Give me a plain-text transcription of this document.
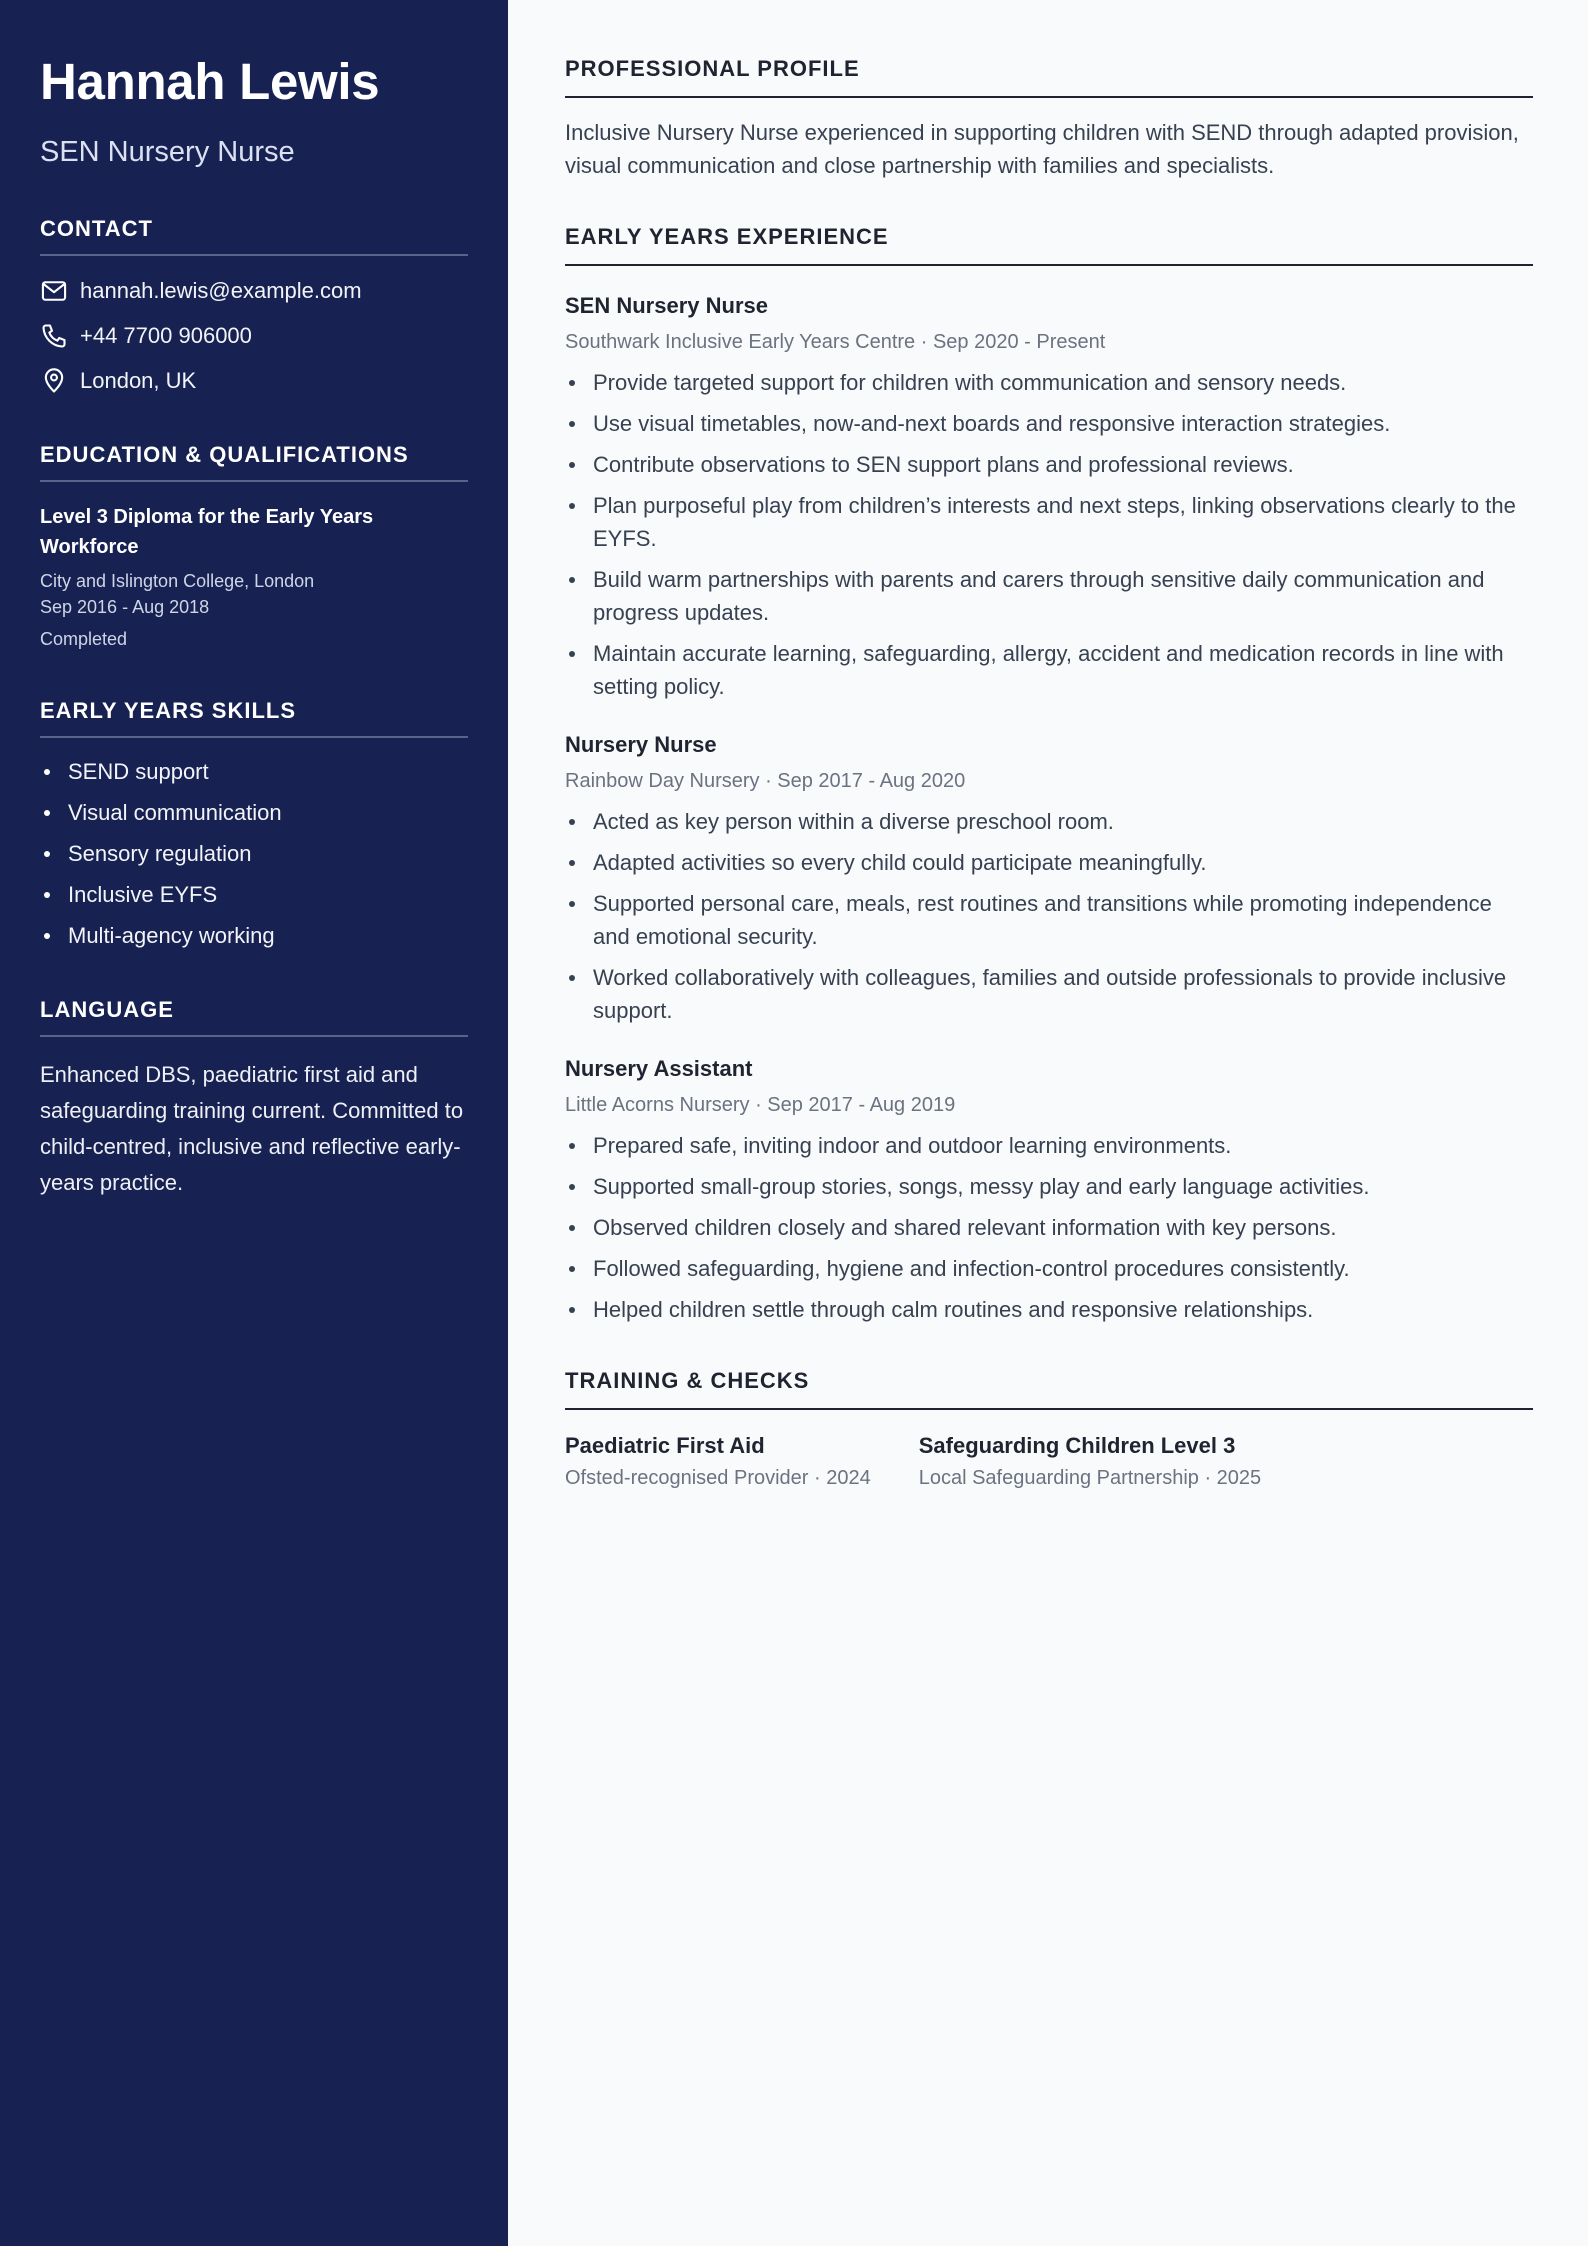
Hannah Lewis
SEN Nursery Nurse
CONTACT
hannah.lewis@example.com
+44 7700 906000
London, UK
EDUCATION & QUALIFICATIONS
Level 3 Diploma for the Early Years Workforce
City and Islington College, London
Sep 2016 - Aug 2018
Completed
EARLY YEARS SKILLS
SEND support
Visual communication
Sensory regulation
Inclusive EYFS
Multi-agency working
LANGUAGE

Enhanced DBS, paediatric first aid and safeguarding training current. Committed to child-centred, inclusive and reflective early-years practice.

PROFESSIONAL PROFILE

Inclusive Nursery Nurse experienced in supporting children with SEND through adapted provision, visual communication and close partnership with families and specialists.

EARLY YEARS EXPERIENCE
SEN Nursery Nurse
Southwark Inclusive Early Years Centre · Sep 2020 - Present
Provide targeted support for children with communication and sensory needs.
Use visual timetables, now-and-next boards and responsive interaction strategies.
Contribute observations to SEN support plans and professional reviews.
Plan purposeful play from children’s interests and next steps, linking observations clearly to the EYFS.
Build warm partnerships with parents and carers through sensitive daily communication and progress updates.
Maintain accurate learning, safeguarding, allergy, accident and medication records in line with setting policy.
Nursery Nurse
Rainbow Day Nursery · Sep 2017 - Aug 2020
Acted as key person within a diverse preschool room.
Adapted activities so every child could participate meaningfully.
Supported personal care, meals, rest routines and transitions while promoting independence and emotional security.
Worked collaboratively with colleagues, families and outside professionals to provide inclusive support.
Nursery Assistant
Little Acorns Nursery · Sep 2017 - Aug 2019
Prepared safe, inviting indoor and outdoor learning environments.
Supported small-group stories, songs, messy play and early language activities.
Observed children closely and shared relevant information with key persons.
Followed safeguarding, hygiene and infection-control procedures consistently.
Helped children settle through calm routines and responsive relationships.
TRAINING & CHECKS
Paediatric First Aid
Ofsted-recognised Provider · 2024
Safeguarding Children Level 3
Local Safeguarding Partnership · 2025
